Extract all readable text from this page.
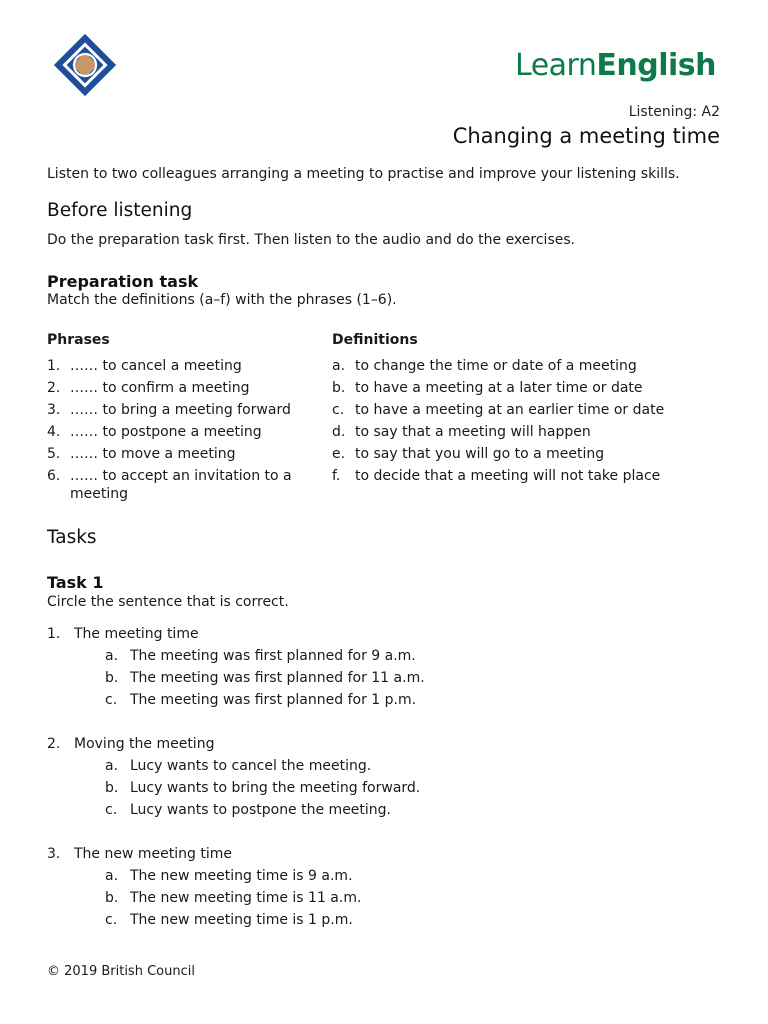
LearnEnglish
Listening: A2
Changing a meeting time

Listen to two colleagues arranging a meeting to practise and improve your listening skills.

Before listening

Do the preparation task first. Then listen to the audio and do the exercises.

Preparation task

Match the definitions (a–f) with the phrases (1–6).

Phrases	Definitions

1. …… to cancel a meeting
2. …… to confirm a meeting
3. …… to bring a meeting forward
4. …… to postpone a meeting
5. …… to move a meeting
6. …… to accept an invitation to a meeting
a. to change the time or date of a meeting
b. to have a meeting at a later time or date
c. to have a meeting at an earlier time or date
d. to say that a meeting will happen
e. to say that you will go to a meeting
f.	to decide that a meeting will not take place
Tasks
Task 1

Circle the sentence that is correct.

1. The meeting time
a. The meeting was first planned for 9 a.m.
b. The meeting was first planned for 11 a.m.
c. The meeting was first planned for 1 p.m.
2. Moving the meeting
a. Lucy wants to cancel the meeting.
b. Lucy wants to bring the meeting forward.
c. Lucy wants to postpone the meeting.
3. The new meeting time
a. The new meeting time is 9 a.m.
b. The new meeting time is 11 a.m.
c. The new meeting time is 1 p.m.

© 2019 British Council
